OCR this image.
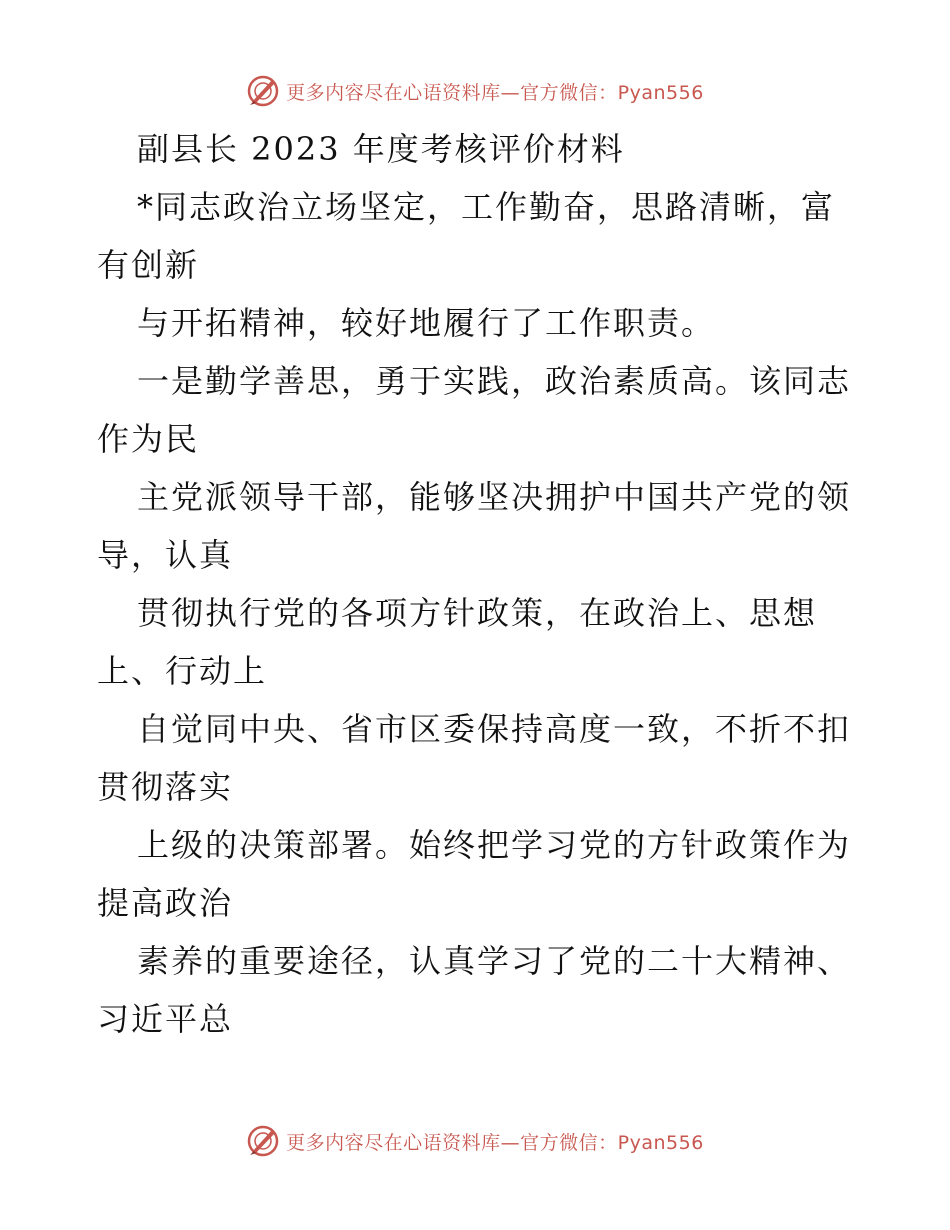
更多内容尽在心语资料库—官方微信：Pyan556
副县长 2023 年度考核评价材料
*同志政治立场坚定，工作勤奋，思路清晰，富
有创新
与开拓精神，较好地履行了工作职责。
一是勤学善思，勇于实践，政治素质高。该同志
作为民
主党派领导干部，能够坚决拥护中国共产党的领
导，认真
贯彻执行党的各项方针政策，在政治上、思想
上、行动上
自觉同中央、省市区委保持高度一致，不折不扣
贯彻落实
上级的决策部署。始终把学习党的方针政策作为
提高政治
素养的重要途径，认真学习了党的二十大精神、
习近平总
更多内容尽在心语资料库—官方微信：Pyan556
